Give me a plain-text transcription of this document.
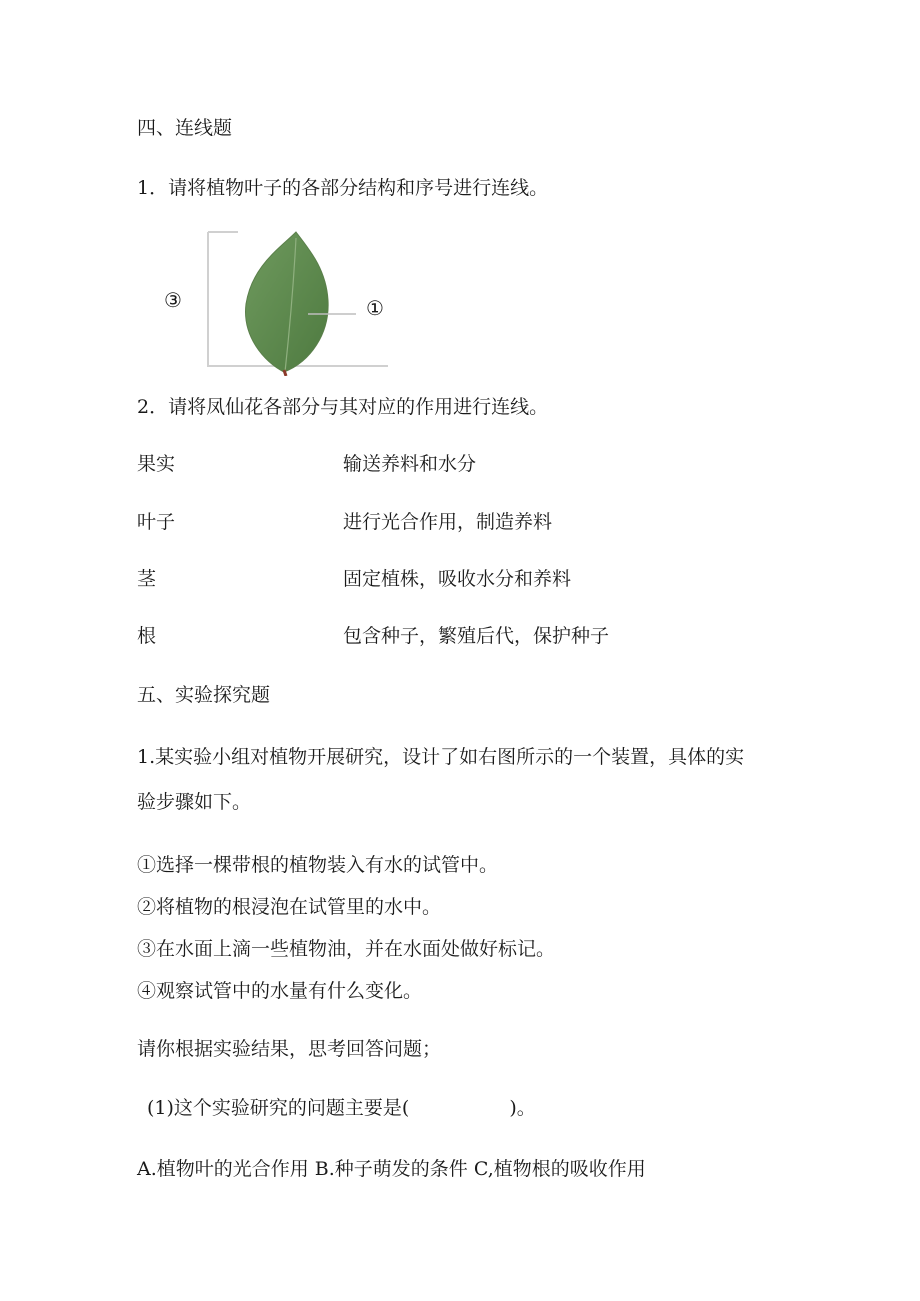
四、连线题
1．请将植物叶子的各部分结构和序号进行连线。
③	①
2．请将凤仙花各部分与其对应的作用进行连线。
果实	输送养料和水分
叶子	进行光合作用，制造养料
茎	固定植株，吸收水分和养料
根	包含种子，繁殖后代，保护种子
五、实验探究题
1.某实验小组对植物开展研究，设计了如右图所示的一个装置，具体的实
验步骤如下。
①选择一棵带根的植物装入有水的试管中。
②将植物的根浸泡在试管里的水中。
③在水面上滴一些植物油，并在水面处做好标记。
④观察试管中的水量有什么变化。
请你根据实验结果，思考回答问题；
(1)这个实验研究的问题主要是(	)。
A.植物叶的光合作用 B.种子萌发的条件 C,植物根的吸收作用
